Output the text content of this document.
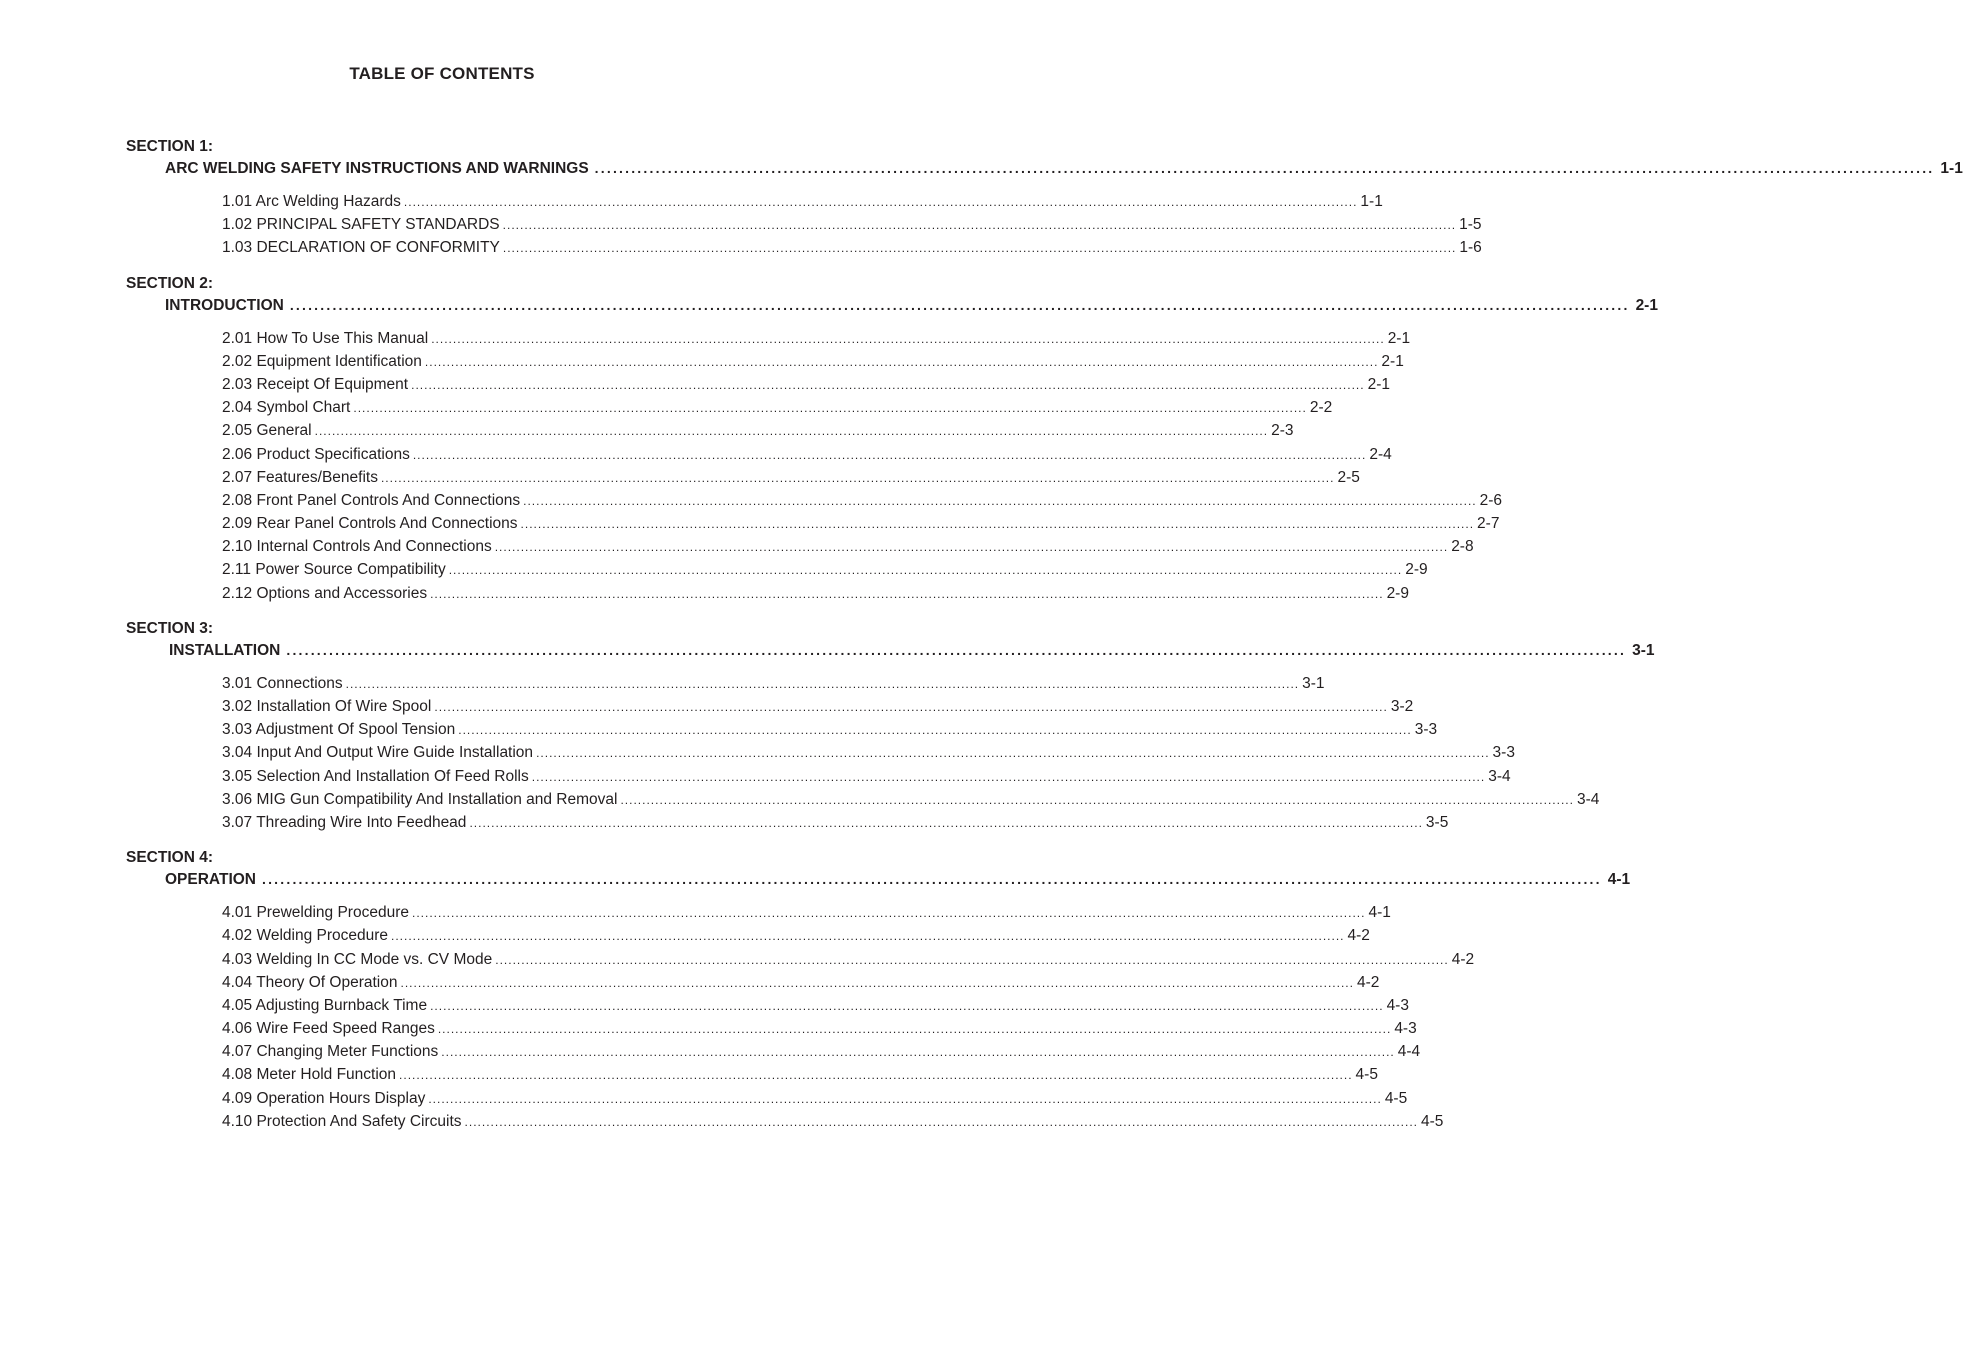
TABLE OF CONTENTS
SECTION 1:
ARC WELDING SAFETY INSTRUCTIONS AND WARNINGS ............................................................................................................................................................................................................................ 1-1
1.01 Arc Welding Hazards ............................................................................................................................................................................................................................ 1-1
1.02 PRINCIPAL SAFETY STANDARDS ............................................................................................................................................................................................................................ 1-5
1.03 DECLARATION OF CONFORMITY ............................................................................................................................................................................................................................ 1-6
SECTION 2:
INTRODUCTION ............................................................................................................................................................................................................................ 2-1
2.01 How To Use This Manual ............................................................................................................................................................................................................................ 2-1
2.02 Equipment Identification ............................................................................................................................................................................................................................ 2-1
2.03 Receipt Of Equipment ............................................................................................................................................................................................................................ 2-1
2.04 Symbol Chart ............................................................................................................................................................................................................................ 2-2
2.05 General ............................................................................................................................................................................................................................ 2-3
2.06 Product Specifications ............................................................................................................................................................................................................................ 2-4
2.07 Features/Benefits ............................................................................................................................................................................................................................ 2-5
2.08 Front Panel Controls And Connections ............................................................................................................................................................................................................................ 2-6
2.09 Rear Panel Controls And Connections ............................................................................................................................................................................................................................ 2-7
2.10 Internal Controls And Connections ............................................................................................................................................................................................................................ 2-8
2.11 Power Source Compatibility ............................................................................................................................................................................................................................ 2-9
2.12 Options and Accessories ............................................................................................................................................................................................................................ 2-9
SECTION 3:
INSTALLATION ............................................................................................................................................................................................................................ 3-1
3.01 Connections ............................................................................................................................................................................................................................ 3-1
3.02 Installation Of Wire Spool ............................................................................................................................................................................................................................ 3-2
3.03 Adjustment Of Spool Tension ............................................................................................................................................................................................................................ 3-3
3.04 Input And Output Wire Guide Installation ............................................................................................................................................................................................................................ 3-3
3.05 Selection And Installation Of Feed Rolls ............................................................................................................................................................................................................................ 3-4
3.06 MIG Gun Compatibility And Installation and Removal ............................................................................................................................................................................................................................ 3-4
3.07 Threading Wire Into Feedhead ............................................................................................................................................................................................................................ 3-5
SECTION 4:
OPERATION ............................................................................................................................................................................................................................ 4-1
4.01 Prewelding Procedure ............................................................................................................................................................................................................................ 4-1
4.02 Welding Procedure ............................................................................................................................................................................................................................ 4-2
4.03 Welding In CC Mode vs. CV Mode ............................................................................................................................................................................................................................ 4-2
4.04 Theory Of Operation ............................................................................................................................................................................................................................ 4-2
4.05 Adjusting Burnback Time ............................................................................................................................................................................................................................ 4-3
4.06 Wire Feed Speed Ranges ............................................................................................................................................................................................................................ 4-3
4.07 Changing Meter Functions ............................................................................................................................................................................................................................ 4-4
4.08 Meter Hold Function ............................................................................................................................................................................................................................ 4-5
4.09 Operation Hours Display ............................................................................................................................................................................................................................ 4-5
4.10 Protection And Safety Circuits ............................................................................................................................................................................................................................ 4-5
